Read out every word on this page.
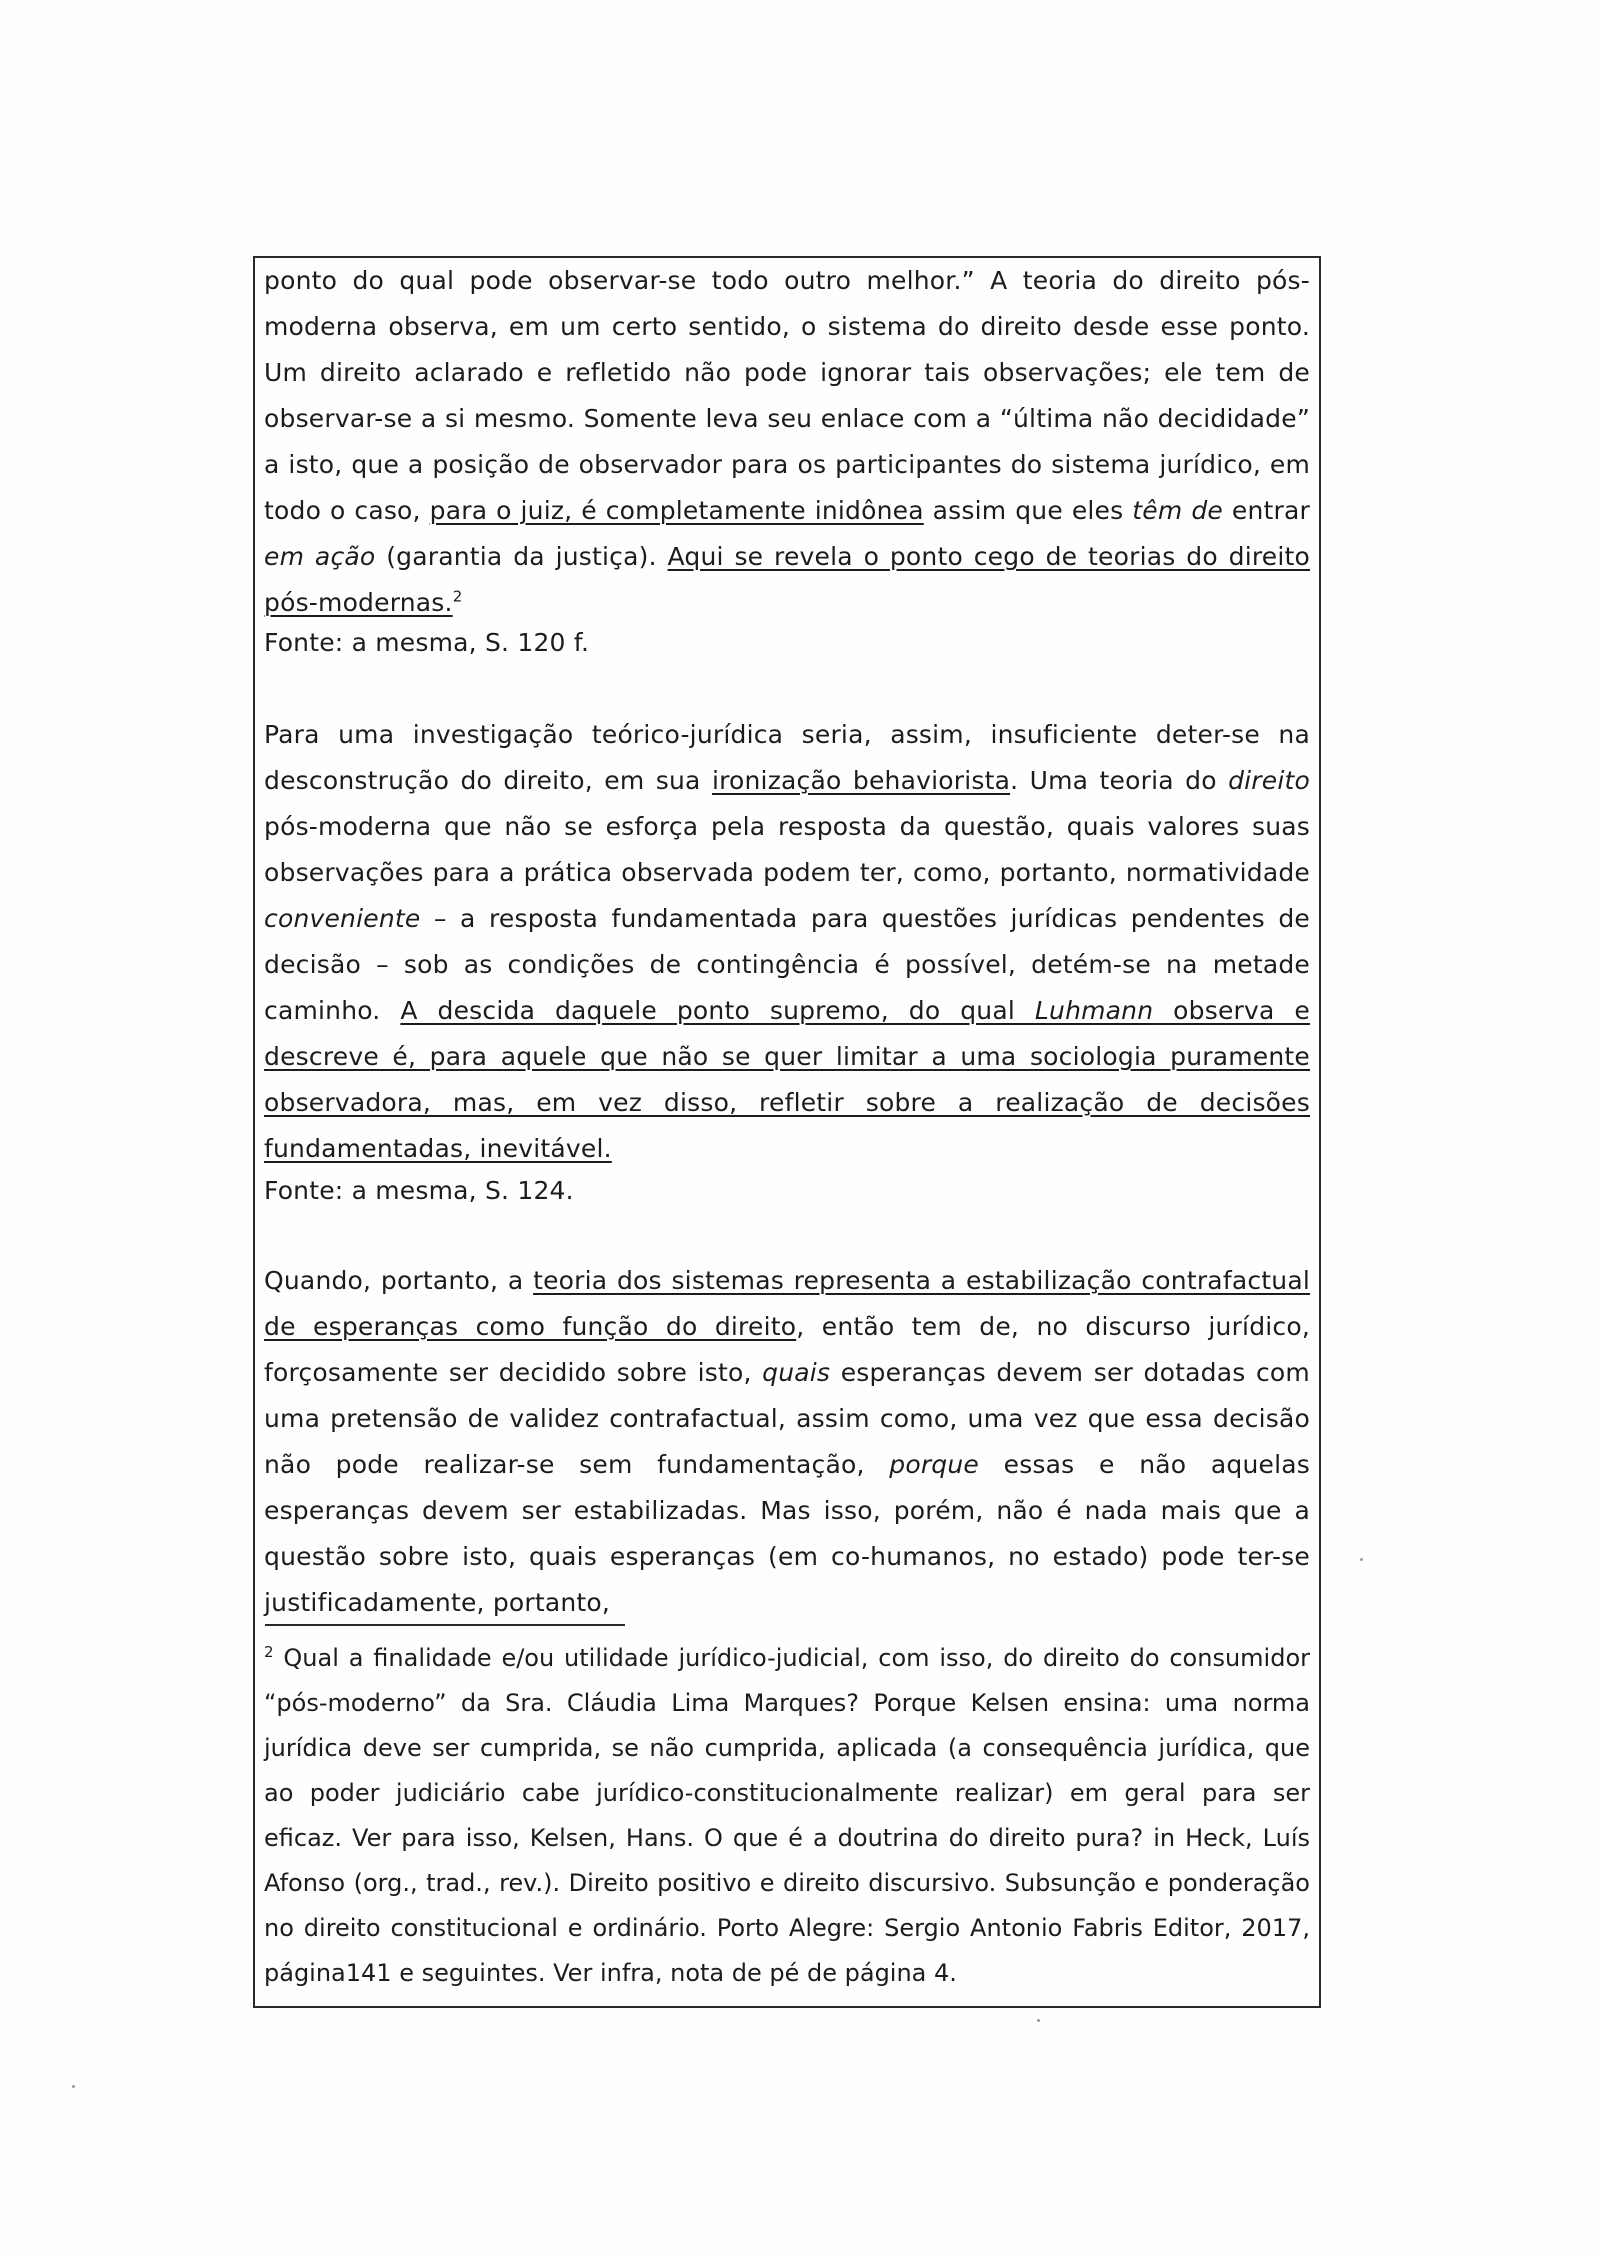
ponto do qual pode observar-se todo outro melhor.” A teoria do direito pós-moderna observa, em um certo sentido, o sistema do direito desde esse ponto. Um direito aclarado e refletido não pode ignorar tais observações; ele tem de observar-se a si mesmo. Somente leva seu enlace com a “última não decididade” a isto, que a posição de observador para os participantes do sistema jurídico, em todo o caso, para o juiz, é completamente inidônea assim que eles têm de entrar em ação (garantia da justiça). Aqui se revela o ponto cego de teorias do direito pós-modernas.$^2$

Fonte: a mesma, S. 120 f.

Para uma investigação teórico-jurídica seria, assim, insuficiente deter-se na desconstrução do direito, em sua ironização behaviorista. Uma teoria do direito pós-moderna que não se esforça pela resposta da questão, quais valores suas observações para a prática observada podem ter, como, portanto, normatividade conveniente – a resposta fundamentada para questões jurídicas pendentes de decisão – sob as condições de contingência é possível, detém-se na metade caminho. A descida daquele ponto supremo, do qual Luhmann observa e descreve é, para aquele que não se quer limitar a uma sociologia puramente observadora, mas, em vez disso, refletir sobre a realização de decisões fundamentadas, inevitável.

Fonte: a mesma, S. 124.

Quando, portanto, a teoria dos sistemas representa a estabilização contrafactual de esperanças como função do direito, então tem de, no discurso jurídico, forçosamente ser decidido sobre isto, quais esperanças devem ser dotadas com uma pretensão de validez contrafactual, assim como, uma vez que essa decisão não pode realizar-se sem fundamentação, porque essas e não aquelas esperanças devem ser estabilizadas. Mas isso, porém, não é nada mais que a questão sobre isto, quais esperanças (em co-humanos, no estado) pode ter-se justificadamente, portanto,

$^2$ Qual a finalidade e/ou utilidade jurídico-judicial, com isso, do direito do consumidor “pós-moderno” da Sra. Cláudia Lima Marques? Porque Kelsen ensina: uma norma jurídica deve ser cumprida, se não cumprida, aplicada (a consequência jurídica, que ao poder judiciário cabe jurídico-constitucionalmente realizar) em geral para ser eficaz. Ver para isso, Kelsen, Hans. O que é a doutrina do direito pura? in Heck, Luís Afonso (org., trad., rev.). Direito positivo e direito discursivo. Subsunção e ponderação no direito constitucional e ordinário. Porto Alegre: Sergio Antonio Fabris Editor, 2017, página141 e seguintes. Ver infra, nota de pé de página 4.
